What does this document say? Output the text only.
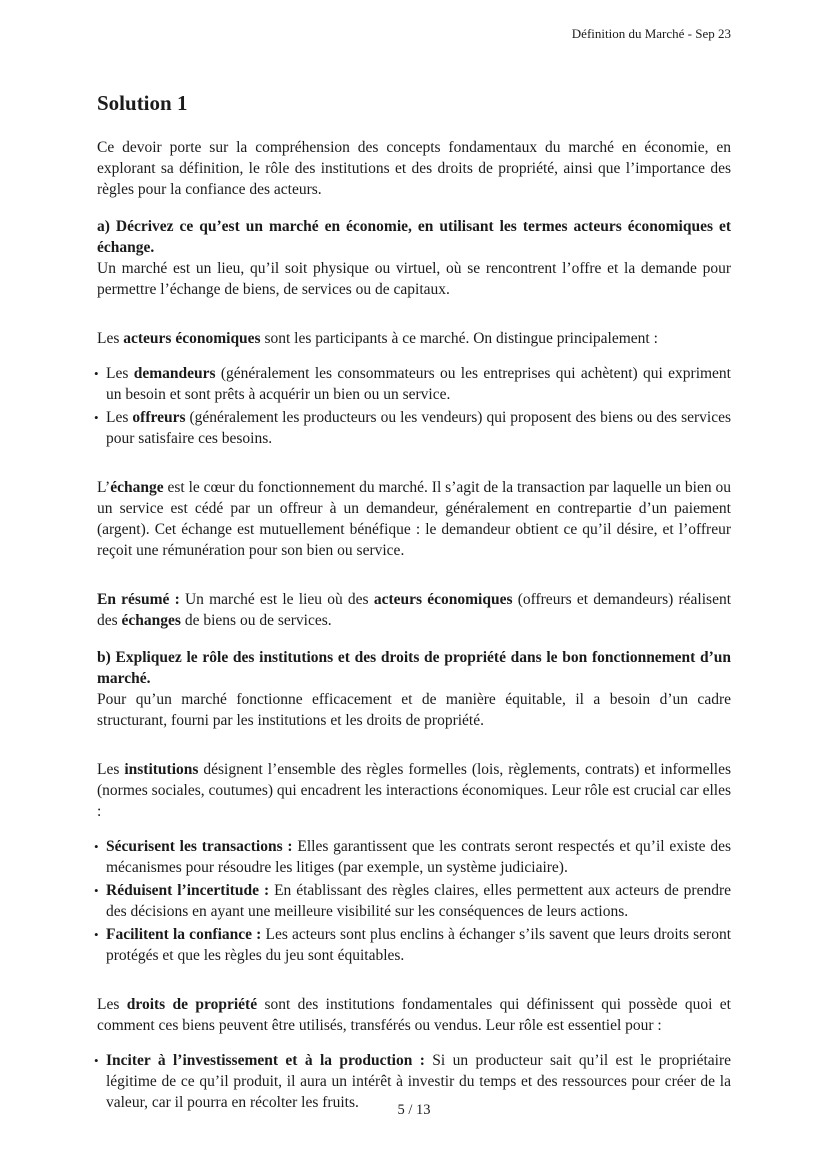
Définition du Marché - Sep 23
Solution 1

Ce devoir porte sur la compréhension des concepts fondamentaux du marché en économie, en explorant sa définition, le rôle des institutions et des droits de propriété, ainsi que l’importance des règles pour la confiance des acteurs.

a) Décrivez ce qu’est un marché en économie, en utilisant les termes acteurs économiques et échange.

Un marché est un lieu, qu’il soit physique ou virtuel, où se rencontrent l’offre et la demande pour permettre l’échange de biens, de services ou de capitaux.

Les acteurs économiques sont les participants à ce marché. On distingue principalement :

• Les demandeurs (généralement les consommateurs ou les entreprises qui achètent) qui expriment un besoin et sont prêts à acquérir un bien ou un service.
• Les offreurs (généralement les producteurs ou les vendeurs) qui proposent des biens ou des services pour satisfaire ces besoins.

L’échange est le cœur du fonctionnement du marché. Il s’agit de la transaction par laquelle un bien ou un service est cédé par un offreur à un demandeur, généralement en contrepartie d’un paiement (argent). Cet échange est mutuellement bénéfique : le demandeur obtient ce qu’il désire, et l’offreur reçoit une rémunération pour son bien ou service.

En résumé : Un marché est le lieu où des acteurs économiques (offreurs et demandeurs) réalisent des échanges de biens ou de services.

b) Expliquez le rôle des institutions et des droits de propriété dans le bon fonctionnement d’un marché.

Pour qu’un marché fonctionne efficacement et de manière équitable, il a besoin d’un cadre structurant, fourni par les institutions et les droits de propriété.

Les institutions désignent l’ensemble des règles formelles (lois, règlements, contrats) et informelles (normes sociales, coutumes) qui encadrent les interactions économiques. Leur rôle est crucial car elles :

• Sécurisent les transactions : Elles garantissent que les contrats seront respectés et qu’il existe des mécanismes pour résoudre les litiges (par exemple, un système judiciaire).
• Réduisent l’incertitude : En établissant des règles claires, elles permettent aux acteurs de prendre des décisions en ayant une meilleure visibilité sur les conséquences de leurs actions.
• Facilitent la confiance : Les acteurs sont plus enclins à échanger s’ils savent que leurs droits seront protégés et que les règles du jeu sont équitables.

Les droits de propriété sont des institutions fondamentales qui définissent qui possède quoi et comment ces biens peuvent être utilisés, transférés ou vendus. Leur rôle est essentiel pour :

• Inciter à l’investissement et à la production : Si un producteur sait qu’il est le propriétaire légitime de ce qu’il produit, il aura un intérêt à investir du temps et des ressources pour créer de la valeur, car il pourra en récolter les fruits.	5 / 13
